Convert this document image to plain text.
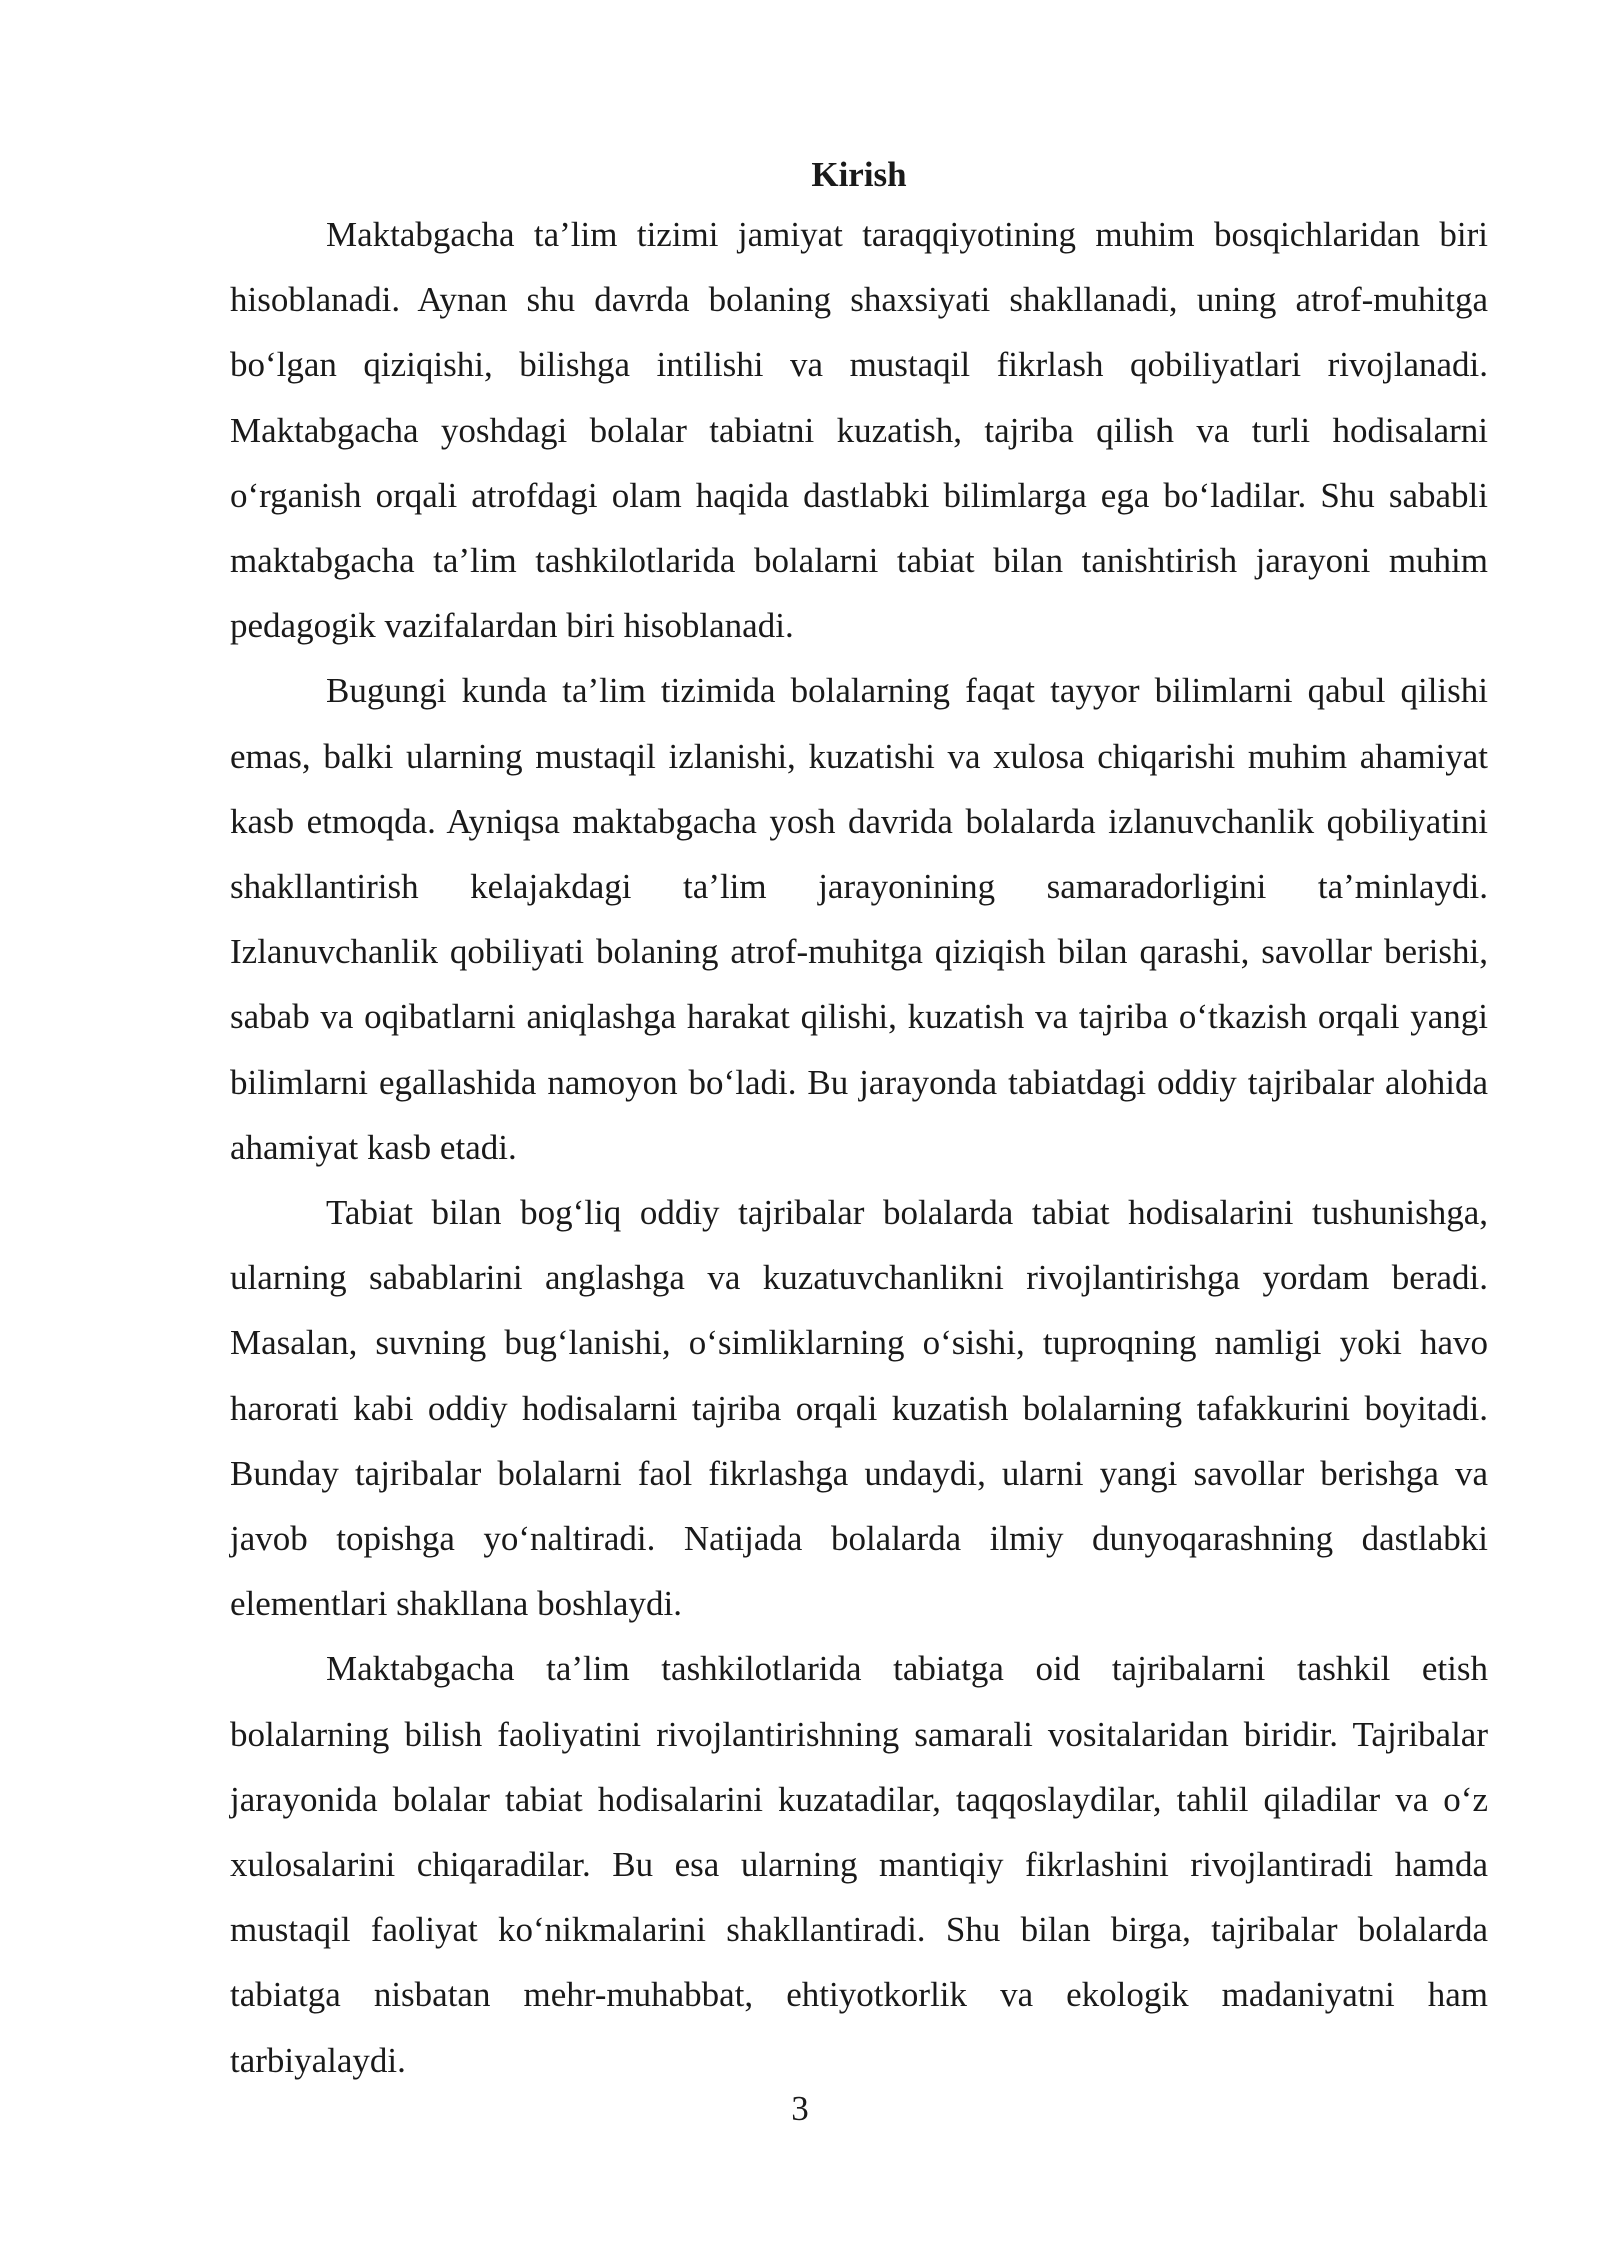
Kirish

Maktabgacha ta’lim tizimi jamiyat taraqqiyotining muhim bosqichlaridan biri hisoblanadi. Aynan shu davrda bolaning shaxsiyati shakllanadi, uning atrof-muhitga bo‘lgan qiziqishi, bilishga intilishi va mustaqil fikrlash qobiliyatlari rivojlanadi. Maktabgacha yoshdagi bolalar tabiatni kuzatish, tajriba qilish va turli hodisalarni o‘rganish orqali atrofdagi olam haqida dastlabki bilimlarga ega bo‘ladilar. Shu sababli maktabgacha ta’lim tashkilotlarida bolalarni tabiat bilan tanishtirish jarayoni muhim pedagogik vazifalardan biri hisoblanadi.

Bugungi kunda ta’lim tizimida bolalarning faqat tayyor bilimlarni qabul qilishi emas, balki ularning mustaqil izlanishi, kuzatishi va xulosa chiqarishi muhim ahamiyat kasb etmoqda. Ayniqsa maktabgacha yosh davrida bolalarda izlanuvchanlik qobiliyatini shakllantirish kelajakdagi ta’lim jarayonining samaradorligini ta’minlaydi. Izlanuvchanlik qobiliyati bolaning atrof-muhitga qiziqish bilan qarashi, savollar berishi, sabab va oqibatlarni aniqlashga harakat qilishi, kuzatish va tajriba o‘tkazish orqali yangi bilimlarni egallashida namoyon bo‘ladi. Bu jarayonda tabiatdagi oddiy tajribalar alohida ahamiyat kasb etadi.

Tabiat bilan bog‘liq oddiy tajribalar bolalarda tabiat hodisalarini tushunishga, ularning sabablarini anglashga va kuzatuvchanlikni rivojlantirishga yordam beradi. Masalan, suvning bug‘lanishi, o‘simliklarning o‘sishi, tuproqning namligi yoki havo harorati kabi oddiy hodisalarni tajriba orqali kuzatish bolalarning tafakkurini boyitadi. Bunday tajribalar bolalarni faol fikrlashga undaydi, ularni yangi savollar berishga va javob topishga yo‘naltiradi. Natijada bolalarda ilmiy dunyoqarashning dastlabki elementlari shakllana boshlaydi.

Maktabgacha ta’lim tashkilotlarida tabiatga oid tajribalarni tashkil etish bolalarning bilish faoliyatini rivojlantirishning samarali vositalaridan biridir. Tajribalar jarayonida bolalar tabiat hodisalarini kuzatadilar, taqqoslaydilar, tahlil qiladilar va o‘z xulosalarini chiqaradilar. Bu esa ularning mantiqiy fikrlashini rivojlantiradi hamda mustaqil faoliyat ko‘nikmalarini shakllantiradi. Shu bilan birga, tajribalar bolalarda tabiatga nisbatan mehr-muhabbat, ehtiyotkorlik va ekologik madaniyatni ham tarbiyalaydi.

3
